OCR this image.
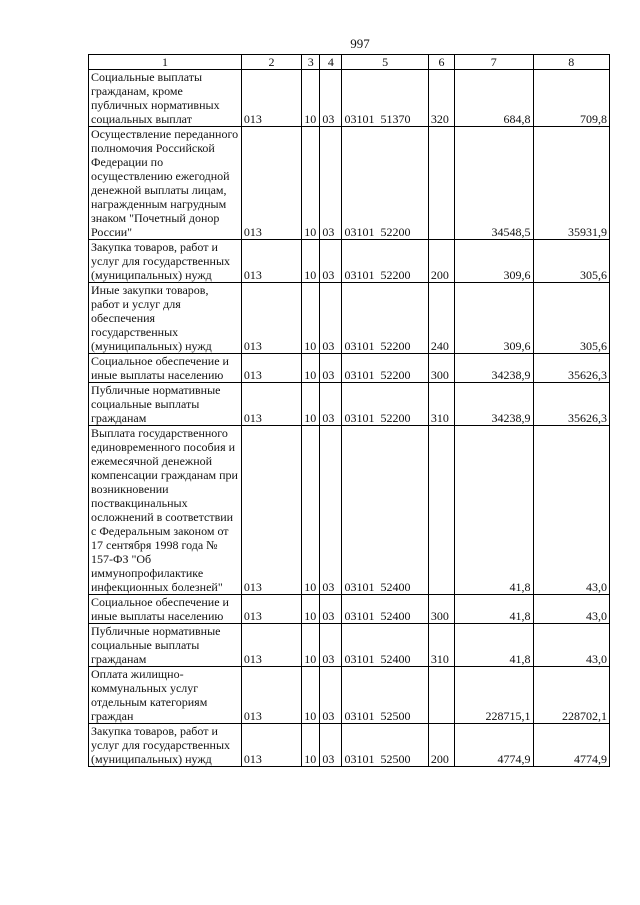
997
1	2	3	4	5	6	7	8
Социальные выплаты гражданам, кроме публичных нормативных социальных выплат	013	10	03	03101 51370	320	684,8	709,8
Осуществление переданного полномочия Российской Федерации по осуществлению ежегодной денежной выплаты лицам, награжденным нагрудным знаком "Почетный донор России"	013	10	03	03101 52200		34548,5	35931,9
Закупка товаров, работ и услуг для государственных (муниципальных) нужд	013	10	03	03101 52200	200	309,6	305,6
Иные закупки товаров, работ и услуг для обеспечения государственных (муниципальных) нужд	013	10	03	03101 52200	240	309,6	305,6
Социальное обеспечение и иные выплаты населению	013	10	03	03101 52200	300	34238,9	35626,3
Публичные нормативные социальные выплаты гражданам	013	10	03	03101 52200	310	34238,9	35626,3
Выплата государственного единовременного пособия и ежемесячной денежной компенсации гражданам при возникновении поствакцинальных осложнений в соответствии с Федеральным законом от 17 сентября 1998 года № 157-ФЗ "Об иммунопрофилактике инфекционных болезней"	013	10	03	03101 52400		41,8	43,0
Социальное обеспечение и иные выплаты населению	013	10	03	03101 52400	300	41,8	43,0
Публичные нормативные социальные выплаты гражданам	013	10	03	03101 52400	310	41,8	43,0
Оплата жилищно-коммунальных услуг отдельным категориям граждан	013	10	03	03101 52500		228715,1	228702,1
Закупка товаров, работ и услуг для государственных (муниципальных) нужд	013	10	03	03101 52500	200	4774,9	4774,9
